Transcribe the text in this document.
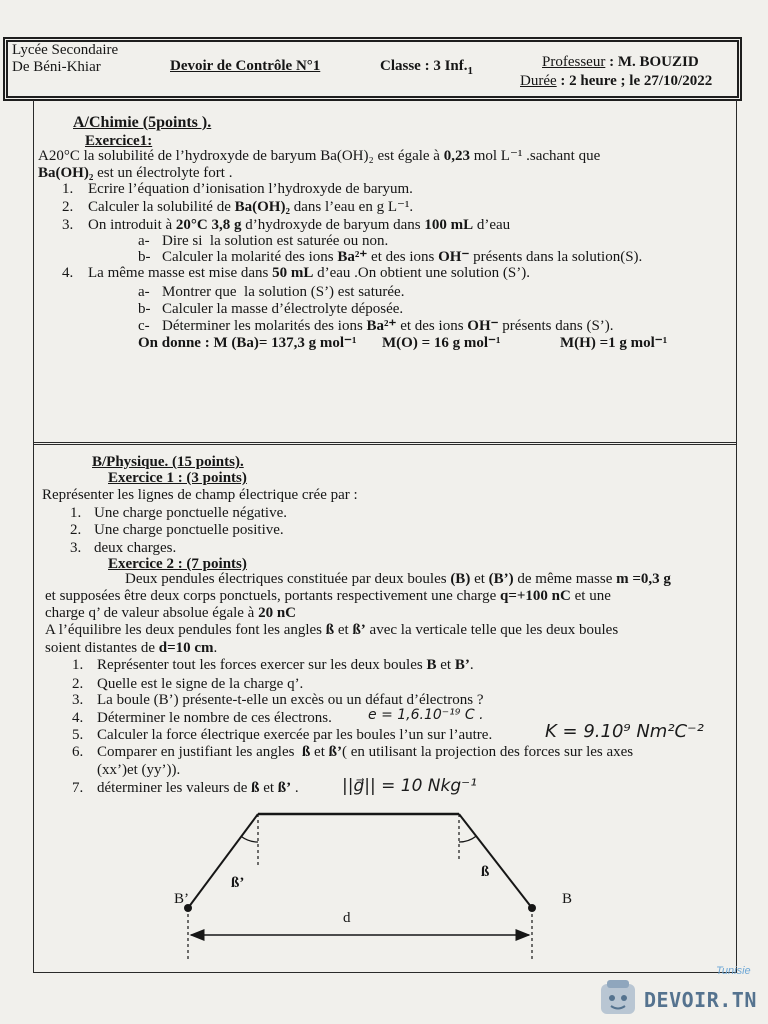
Lycée Secondaire
De Béni-Khiar	Devoir de Contrôle N°1	Classe : 3 Inf. 1
Professeur : M. BOUZID
Durée : 2 heure ; le 27/10/2022
A/Chimie (5points ).
Exercice1:
A20°C la solubilité de l’hydroxyde de baryum Ba(OH)₂ est égale à 0,23 mol L⁻¹ .sachant que
Ba(OH)₂ est un électrolyte fort .
1. Ecrire l’équation d’ionisation l’hydroxyde de baryum.
2. Calculer la solubilité de Ba(OH)₂ dans l’eau en g L⁻¹.
3. On introduit à 20°C 3,8 g d’hydroxyde de baryum dans 100 mL d’eau
a- Dire si  la solution est saturée ou non.
b- Calculer la molarité des ions Ba²⁺ et des ions OH⁻ présents dans la solution(S).
4. La même masse est mise dans 50 mL d’eau .On obtient une solution (S’).
a- Montrer que  la solution (S’) est saturée.
b- Calculer la masse d’électrolyte déposée.
c- Déterminer les molarités des ions Ba²⁺ et des ions OH⁻ présents dans (S’).
On donne : M (Ba)= 137,3 g mol⁻¹ M(O) = 16 g mol⁻¹	M(H) =1 g mol⁻¹
B/Physique. (15 points).
Exercice 1 : (3 points)
Représenter les lignes de champ électrique crée par :
1. Une charge ponctuelle négative.
2. Une charge ponctuelle positive.
3. deux charges.
Exercice 2 : (7 points)
Deux pendules électriques constituée par deux boules (B) et (B’) de même masse m =0,3 g
et supposées être deux corps ponctuels, portants respectivement une charge q=+100 nC et une
charge q’ de valeur absolue égale à 20 nC
A l’équilibre les deux pendules font les angles ß et ß’ avec la verticale telle que les deux boules
soient distantes de d=10 cm .
1. Représenter tout les forces exercer sur les deux boules B et B’ .
2. Quelle est le signe de la charge q’.
3. La boule (B’) présente-t-elle un excès ou un défaut d’électrons ?
4. Déterminer le nombre de ces électrons.
5. Calculer la force électrique exercée par les boules l’un sur l’autre.
6. Comparer en justifiant les angles ß et ß’ ( en utilisant la projection des forces sur les axes
(xx’)et (yy’)).
7. déterminer les valeurs de ß et ß’ .
e = 1,6.10⁻¹⁹ C .
K = 9.10⁹ Nm²C⁻²
||g⃗|| = 10 Nkg⁻¹
ß’
ß
B’	B
d
Tunisie
DEVOIR.TN
